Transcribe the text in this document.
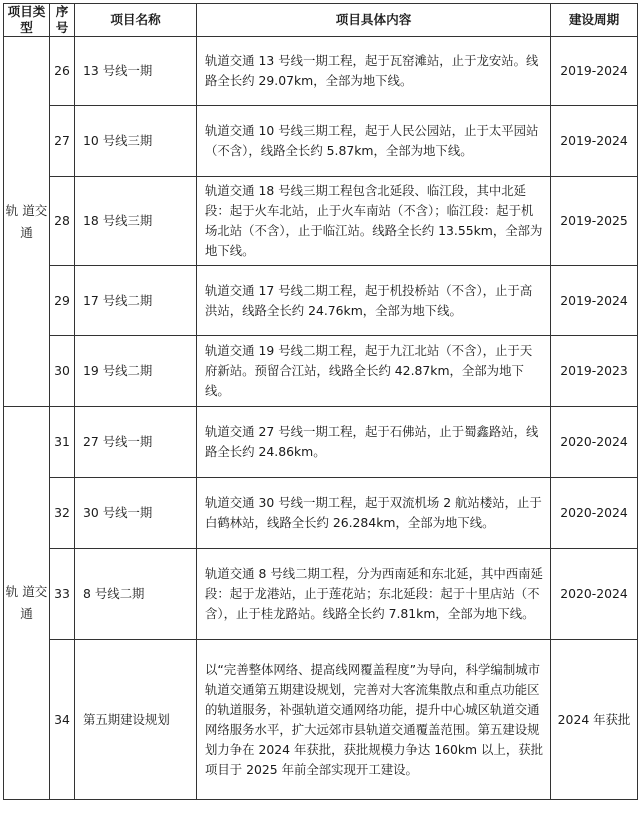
项目类型	序号	项目名称	项目具体内容	建设周期
轨 道交通	26	13 号线一期	轨道交通 13 号线一期工程，起于瓦窑滩站，止于龙安站。线路全长约 29.07km，全部为地下线。	2019-2024
	27	10 号线三期	轨道交通 10 号线三期工程，起于人民公园站，止于太平园站（不含），线路全长约 5.87km，全部为地下线。	2019-2024
	28	18 号线三期	轨道交通 18 号线三期工程包含北延段、临江段，其中北延段：起于火车北站，止于火车南站（不含）；临江段：起于机场北站（不含），止于临江站。线路全长约 13.55km，全部为地下线。	2019-2025
	29	17 号线二期	轨道交通 17 号线二期工程，起于机投桥站（不含），止于高洪站，线路全长约 24.76km，全部为地下线。	2019-2024
	30	19 号线二期	轨道交通 19 号线二期工程，起于九江北站（不含），止于天府新站。预留合江站，线路全长约 42.87km，全部为地下线。	2019-2023
轨 道交通	31	27 号线一期	轨道交通 27 号线一期工程，起于石佛站，止于蜀鑫路站，线路全长约 24.86km。	2020-2024
	32	30 号线一期	轨道交通 30 号线一期工程，起于双流机场 2 航站楼站，止于白鹤林站，线路全长约 26.284km，全部为地下线。	2020-2024
	33	8 号线二期	轨道交通 8 号线二期工程，分为西南延和东北延，其中西南延段：起于龙港站，止于莲花站；东北延段：起于十里店站（不含），止于桂龙路站。线路全长约 7.81km，全部为地下线。	2020-2024
	34	第五期建设规划	以“完善整体网络、提高线网覆盖程度”为导向，科学编制城市轨道交通第五期建设规划，完善对大客流集散点和重点功能区的轨道服务，补强轨道交通网络功能，提升中心城区轨道交通网络服务水平，扩大远郊市县轨道交通覆盖范围。第五建设规划力争在 2024 年获批，获批规模力争达 160km 以上，获批项目于 2025 年前全部实现开工建设。	2024 年获批
